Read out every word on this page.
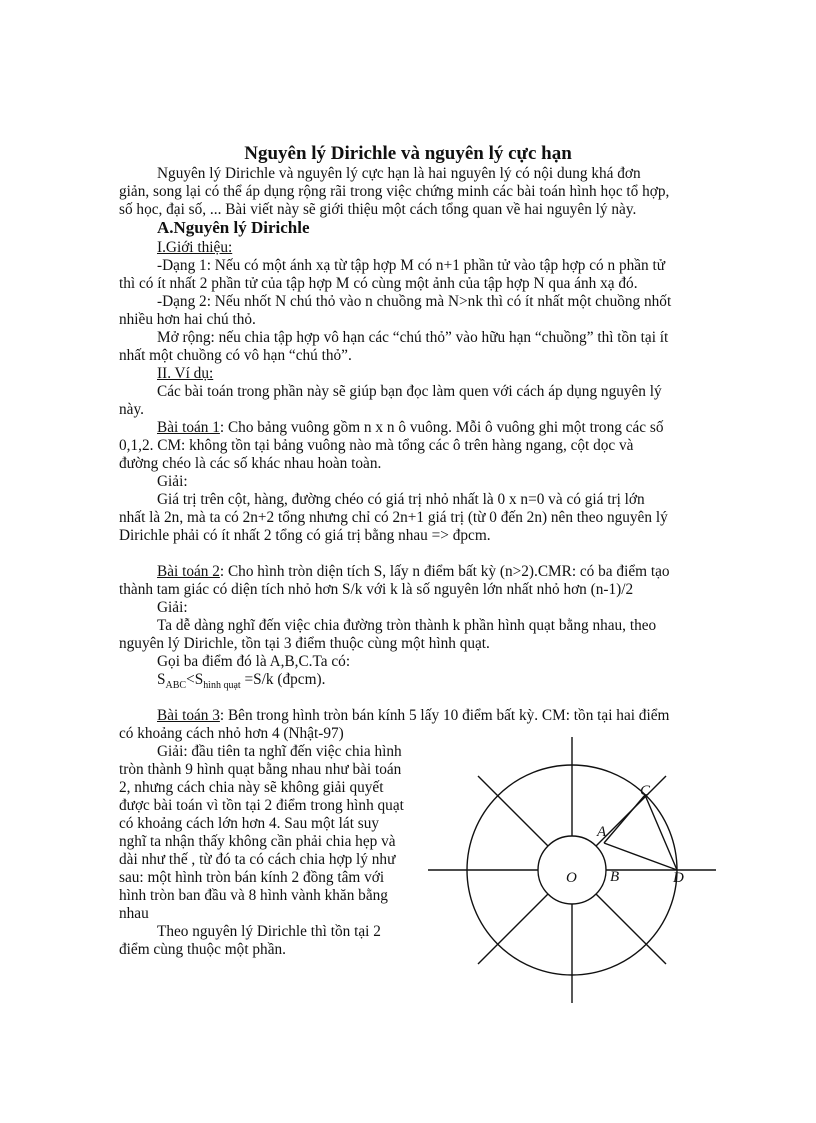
Nguyên lý Dirichle và nguyên lý cực hạn

Nguyên lý Dirichle và nguyên lý cực hạn là hai nguyên lý có nội dung khá đơn

giản, song lại có thể áp dụng rộng rãi trong việc chứng minh các bài toán hình học tổ hợp,

số học, đại số, ... Bài viết này sẽ giới thiệu một cách tổng quan về hai nguyên lý này.

A.Nguyên lý Dirichle

I.Giới thiệu:

-Dạng 1: Nếu có một ánh xạ từ tập hợp M có n+1 phần tử vào tập hợp có n phần tử

thì có ít nhất 2 phần tử của tập hợp M có cùng một ảnh của tập hợp N qua ánh xạ đó.

-Dạng 2: Nếu nhốt N chú thỏ vào n chuồng mà N>nk thì có ít nhất một chuồng nhốt

nhiều hơn hai chú thỏ.

Mở rộng: nếu chia tập hợp vô hạn các “chú thỏ” vào hữu hạn “chuồng” thì tồn tại ít

nhất một chuồng có vô hạn “chú thỏ”.

II. Ví dụ:

Các bài toán trong phần này sẽ giúp bạn đọc làm quen với cách áp dụng nguyên lý

này.

Bài toán 1: Cho bảng vuông gồm n x n ô vuông. Mỗi ô vuông ghi một trong các số

0,1,2. CM: không tồn tại bảng vuông nào mà tổng các ô trên hàng ngang, cột dọc và

đường chéo là các số khác nhau hoàn toàn.

Giải:

Giá trị trên cột, hàng, đường chéo có giá trị nhỏ nhất là 0 x n=0 và có giá trị lớn

nhất là 2n, mà ta có 2n+2 tổng nhưng chỉ có 2n+1 giá trị (từ 0 đến 2n) nên theo nguyên lý

Dirichle phải có ít nhất 2 tổng có giá trị bằng nhau => đpcm.

Bài toán 2: Cho hình tròn diện tích S, lấy n điểm bất kỳ (n>2).CMR: có ba điểm tạo

thành tam giác có diện tích nhỏ hơn S/k với k là số nguyên lớn nhất nhỏ hơn (n-1)/2

Giải:

Ta dễ dàng nghĩ đến việc chia đường tròn thành k phần hình quạt bằng nhau, theo

nguyên lý Dirichle, tồn tại 3 điểm thuộc cùng một hình quạt.

Gọi ba điểm đó là A,B,C.Ta có:

$S_{ABC}<S_{hình quạt} =S/k$ (đpcm).

Bài toán 3: Bên trong hình tròn bán kính 5 lấy 10 điểm bất kỳ. CM: tồn tại hai điểm

có khoảng cách nhỏ hơn 4 (Nhật-97)

Giải: đầu tiên ta nghĩ đến việc chia hình

tròn thành 9 hình quạt bằng nhau như bài toán

2, nhưng cách chia này sẽ không giải quyết

được bài toán vì tồn tại 2 điểm trong hình quạt

có khoảng cách lớn hơn 4. Sau một lát suy

nghĩ ta nhận thấy không cần phải chia hẹp và

dài như thế , từ đó ta có cách chia hợp lý như

sau: một hình tròn bán kính 2 đồng tâm với

hình tròn ban đầu và 8 hình vành khăn bằng

nhau

Theo nguyên lý Dirichle thì tồn tại 2

điểm cùng thuộc một phần.

A
C
B	D
O
